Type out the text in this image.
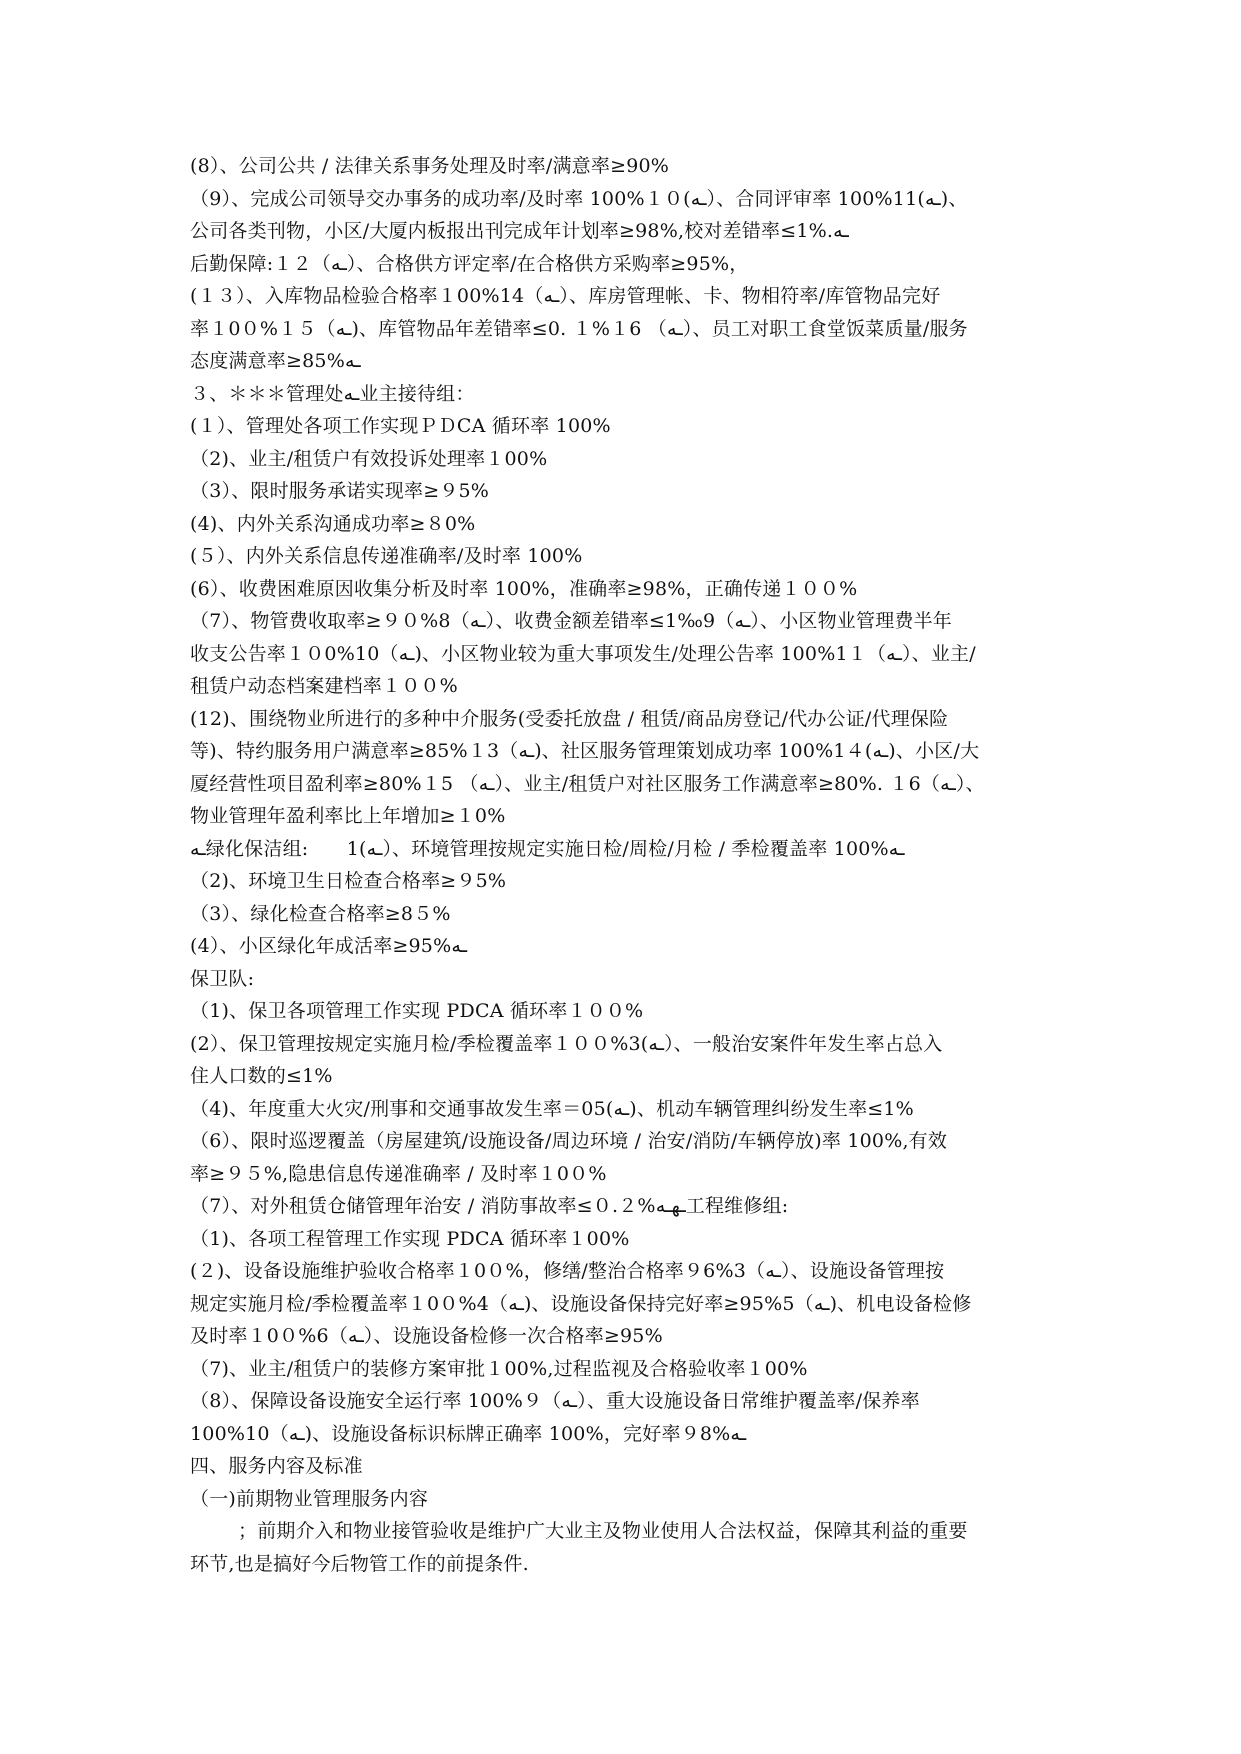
(8）、公司公共 / 法律关系事务处理及时率/满意率≥90%
（9）、完成公司领导交办事务的成功率/及时率 100%１０(ـه）、合同评审率 100%11(ـه)、
公司各类刊物，小区/大厦内板报出刊完成年计划率≥98%,校对差错率≤1%.ـه
后勤保障:１２（ـه）、合格供方评定率/在合格供方采购率≥95%，
(１３）、入库物品检验合格率１00%14（ـه）、库房管理帐、卡、物相符率/库管物品完好
率１0０%１５（ـه)、库管物品年差错率≤0. １%１6 （ـه）、员工对职工食堂饭菜质量/服务
态度满意率≥85%ـه
３、＊＊＊管理处ـه业主接待组：
(１）、管理处各项工作实现ＰＤCA 循环率 100%
（2)、业主/租赁户有效投诉处理率１00%
（3）、限时服务承诺实现率≥９5%
(4)、内外关系沟通成功率≥８0%
(５）、内外关系信息传递准确率/及时率 100%
(6）、收费困难原因收集分析及时率 100%，准确率≥98%，正确传递１００%
（7）、物管费收取率≥９０%8（ـه）、收费金额差错率≤1‰9（ـه）、小区物业管理费半年
收支公告率１０0%10（ـه)、小区物业较为重大事项发生/处理公告率 100%1１（ـه）、业主/
租赁户动态档案建档率１００%
(12)、围绕物业所进行的多种中介服务(受委托放盘 / 租赁/商品房登记/代办公证/代理保险
等)、特约服务用户满意率≥85%１3（ـه)、社区服务管理策划成功率 100%1４(ـه)、小区/大
厦经营性项目盈利率≥80%１5 （ـه）、业主/租赁户对社区服务工作满意率≥80%. １6（ـه）、
物业管理年盈利率比上年增加≥１0%
ـه绿化保洁组:　　1(ـه）、环境管理按规定实施日检/周检/月检 / 季检覆盖率 100%ـه
（2)、环境卫生日检查合格率≥９5%
（3）、绿化检查合格率≥8５%
(4）、小区绿化年成活率≥95%ـه
保卫队:
（1)、保卫各项管理工作实现 PDCA 循环率１００%
(2）、保卫管理按规定实施月检/季检覆盖率１００%3(ـه）、一般治安案件年发生率占总入
住人口数的≤1%
（4)、年度重大火灾/刑事和交通事故发生率＝05(ـه)、机动车辆管理纠纷发生率≤1%
（6）、限时巡逻覆盖（房屋建筑/设施设备/周边环境 / 治安/消防/车辆停放)率 100%,有效
率≥９５%,隐患信息传递准确率 / 及时率１0０%
（7）、对外租赁仓储管理年治安 / 消防事故率≤０.２%ـهـه工程维修组:
（1)、各项工程管理工作实现 PDCA 循环率１00%
(２)、设备设施维护验收合格率１0０%，修缮/整治合格率９6%3（ـه）、设施设备管理按
规定实施月检/季检覆盖率１0０%4（ـه)、设施设备保持完好率≥95%5（ـه)、机电设备检修
及时率１0０%6（ـه）、设施设备检修一次合格率≥95%
（7)、业主/租赁户的装修方案审批１00%,过程监视及合格验收率１00%
（8）、保障设备设施安全运行率 100%９（ـه）、重大设施设备日常维护覆盖率/保养率
100%10（ـه)、设施设备标识标牌正确率 100%，完好率９8%ـه
四、服务内容及标准
（一)前期物业管理服务内容
；前期介入和物业接管验收是维护广大业主及物业使用人合法权益，保障其利益的重要
环节,也是搞好今后物管工作的前提条件.
